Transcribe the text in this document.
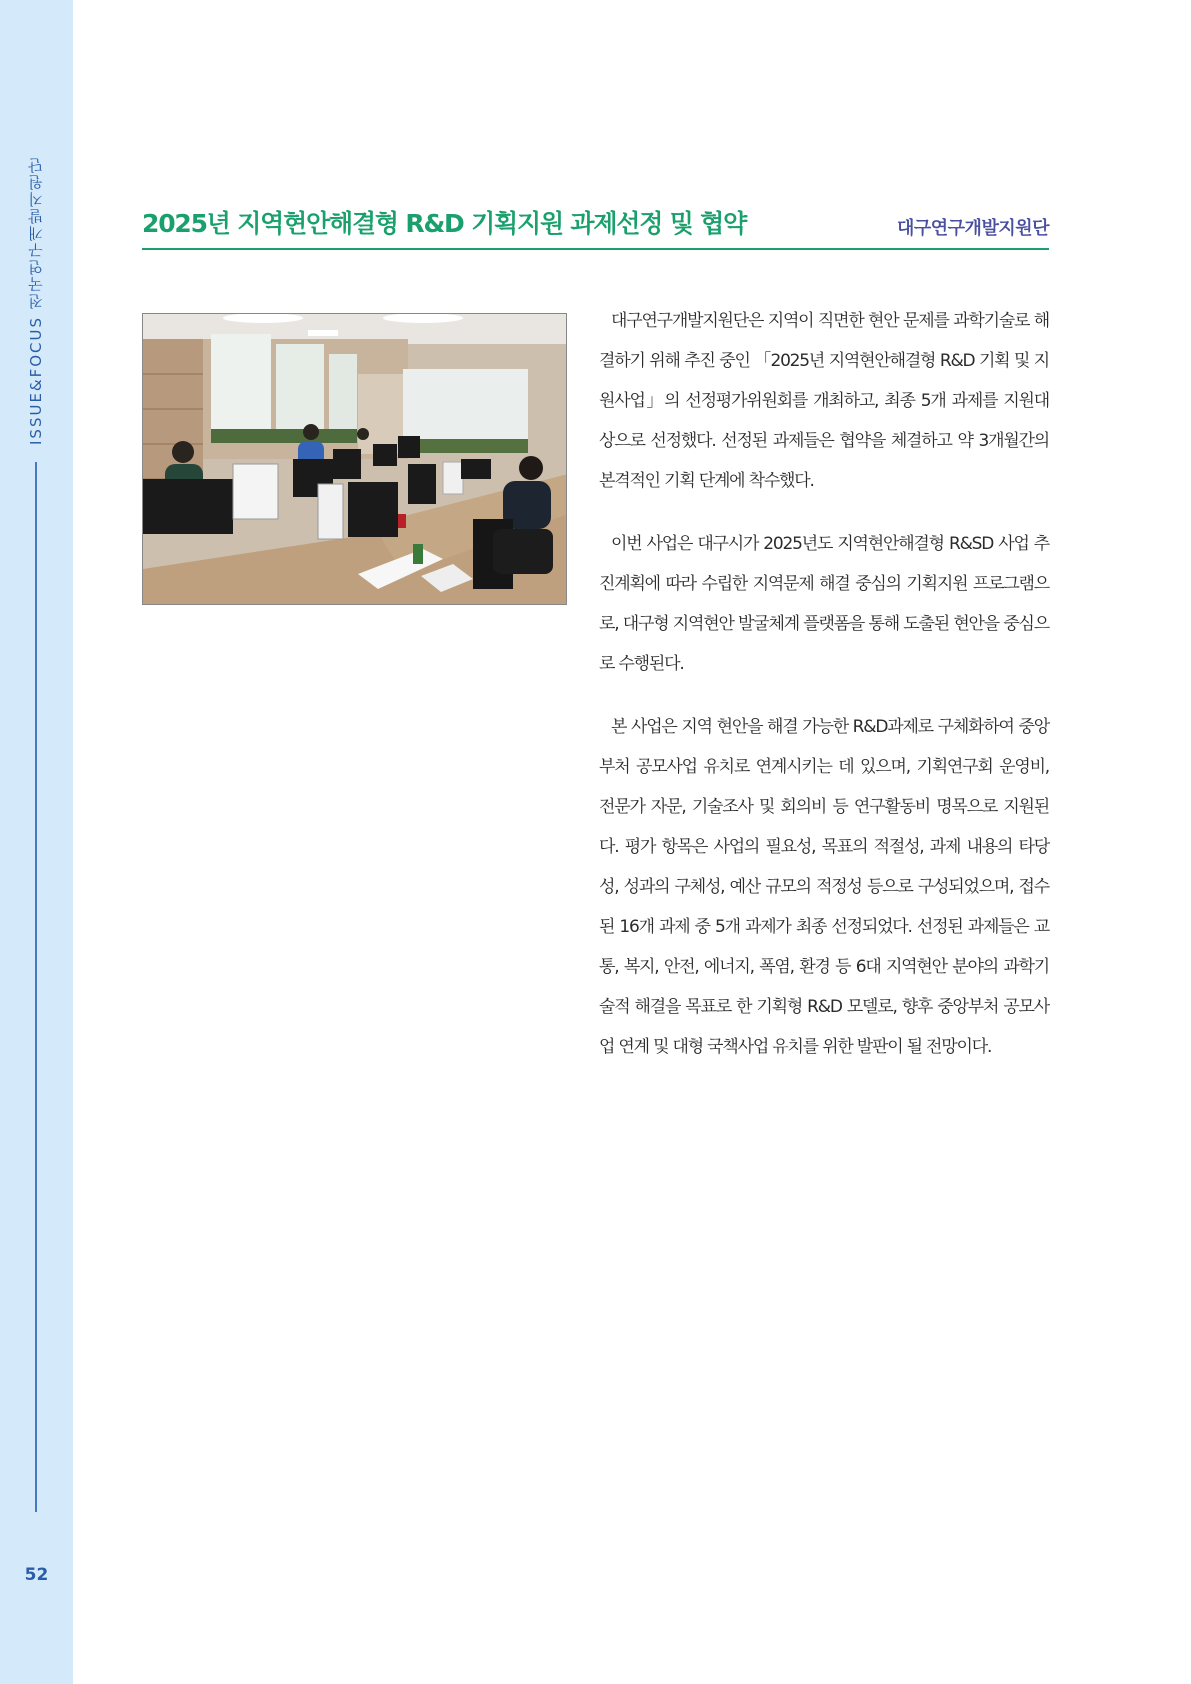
ISSUE&FOCUS 전국연구개발지원단
52
2025년 지역현안해결형 R&D 기획지원 과제선정 및 협약	대구연구개발지원단

대구연구개발지원단은 지역이 직면한 현안 문제를 과학기술로 해결하기 위해 추진 중인 「2025년 지역현안해결형 R&D 기획 및 지원사업」의 선정평가위원회를 개최하고, 최종 5개 과제를 지원대상으로 선정했다. 선정된 과제들은 협약을 체결하고 약 3개월간의 본격적인 기획 단계에 착수했다.

이번 사업은 대구시가 2025년도 지역현안해결형 R&SD 사업 추진계획에 따라 수립한 지역문제 해결 중심의 기획지원 프로그램으로, 대구형 지역현안 발굴체계 플랫폼을 통해 도출된 현안을 중심으로 수행된다.

본 사업은 지역 현안을 해결 가능한 R&D과제로 구체화하여 중앙부처 공모사업 유치로 연계시키는 데 있으며, 기획연구회 운영비, 전문가 자문, 기술조사 및 회의비 등 연구활동비 명목으로 지원된다. 평가 항목은 사업의 필요성, 목표의 적절성, 과제 내용의 타당성, 성과의 구체성, 예산 규모의 적정성 등으로 구성되었으며, 접수된 16개 과제 중 5개 과제가 최종 선정되었다. 선정된 과제들은 교통, 복지, 안전, 에너지, 폭염, 환경 등 6대 지역현안 분야의 과학기술적 해결을 목표로 한 기획형 R&D 모델로, 향후 중앙부처 공모사업 연계 및 대형 국책사업 유치를 위한 발판이 될 전망이다.
